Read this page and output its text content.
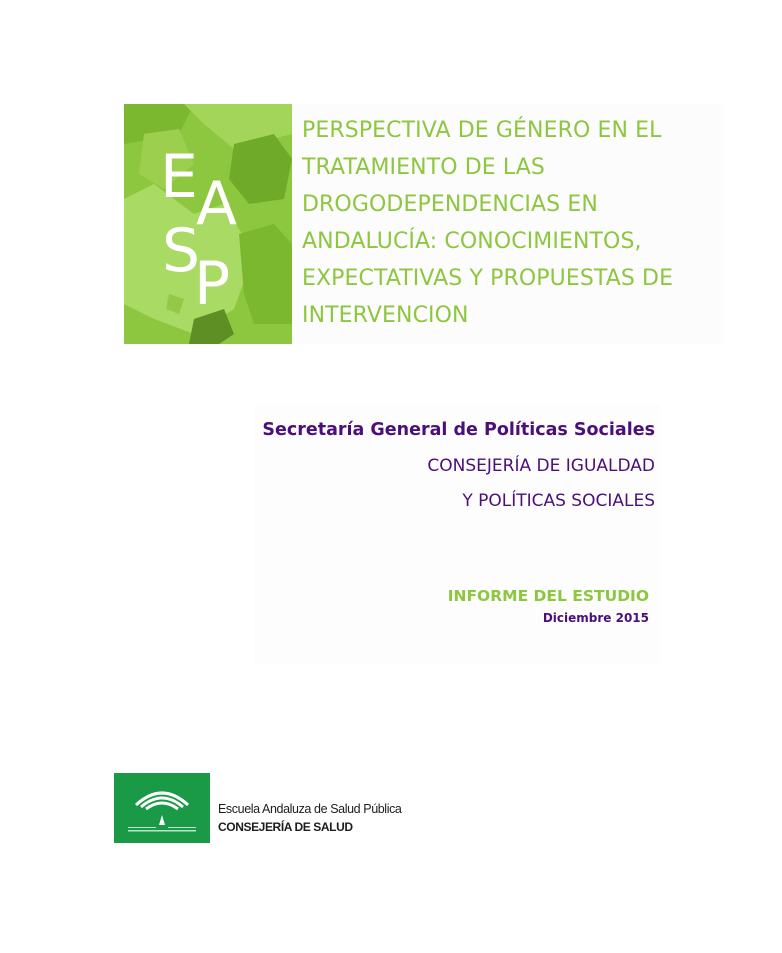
E
A
S
P
PERSPECTIVA DE GÉNERO EN EL
TRATAMIENTO DE LAS
DROGODEPENDENCIAS EN
ANDALUCÍA: CONOCIMIENTOS,
EXPECTATIVAS Y PROPUESTAS DE
INTERVENCION
Secretaría General de Políticas Sociales
CONSEJERÍA DE IGUALDAD
Y POLÍTICAS SOCIALES
INFORME DEL ESTUDIO
Diciembre 2015
Escuela Andaluza de Salud Pública
CONSEJERÍA DE SALUD
